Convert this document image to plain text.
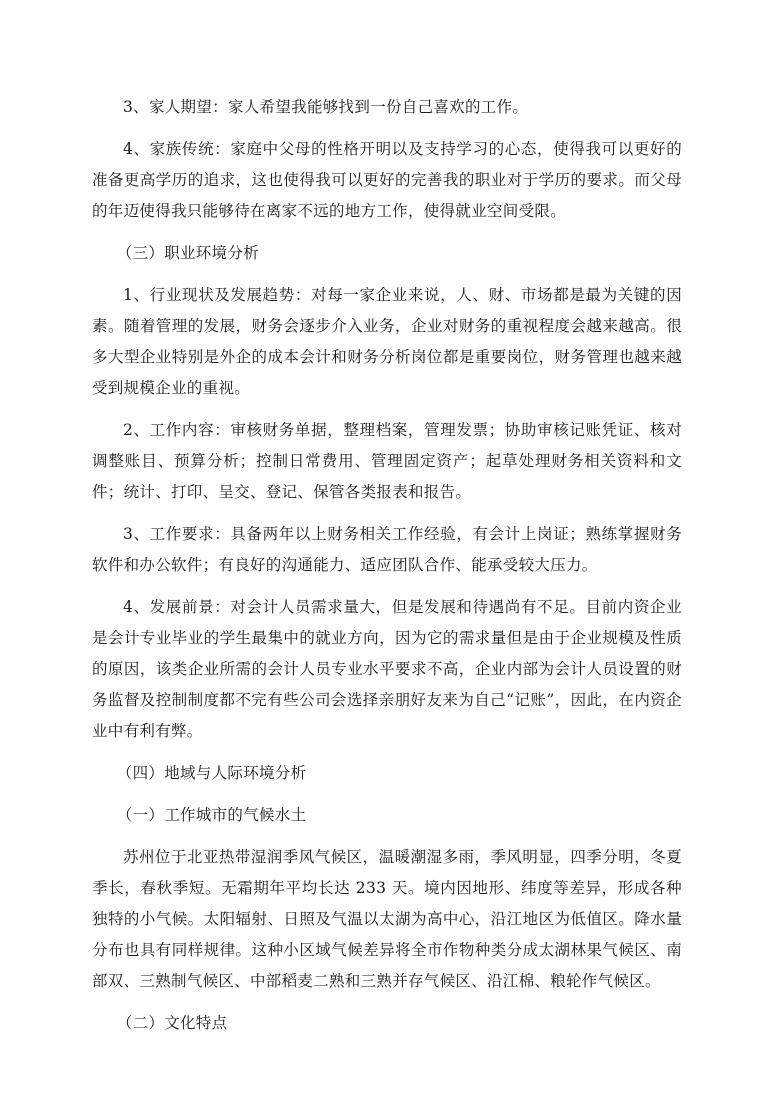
3、家人期望：家人希望我能够找到一份自己喜欢的工作。

4、家族传统：家庭中父母的性格开明以及支持学习的心态，使得我可以更好的准备更高学历的追求，这也使得我可以更好的完善我的职业对于学历的要求。而父母的年迈使得我只能够待在离家不远的地方工作，使得就业空间受限。

（三）职业环境分析

1、行业现状及发展趋势：对每一家企业来说，人、财、市场都是最为关键的因素。随着管理的发展，财务会逐步介入业务，企业对财务的重视程度会越来越高。很多大型企业特别是外企的成本会计和财务分析岗位都是重要岗位，财务管理也越来越受到规模企业的重视。

2、工作内容：审核财务单据，整理档案，管理发票；协助审核记账凭证、核对调整账目、预算分析；控制日常费用、管理固定资产；起草处理财务相关资料和文件；统计、打印、呈交、登记、保管各类报表和报告。

3、工作要求：具备两年以上财务相关工作经验，有会计上岗证；熟练掌握财务软件和办公软件；有良好的沟通能力、适应团队合作、能承受较大压力。

4、发展前景：对会计人员需求量大，但是发展和待遇尚有不足。目前内资企业是会计专业毕业的学生最集中的就业方向，因为它的需求量但是由于企业规模及性质的原因，该类企业所需的会计人员专业水平要求不高，企业内部为会计人员设置的财务监督及控制制度都不完有些公司会选择亲朋好友来为自己“记账”，因此，在内资企业中有利有弊。

（四）地域与人际环境分析

（一）工作城市的气候水土

苏州位于北亚热带湿润季风气候区，温暖潮湿多雨，季风明显，四季分明，冬夏季长，春秋季短。无霜期年平均长达 233 天。境内因地形、纬度等差异，形成各种独特的小气候。太阳辐射、日照及气温以太湖为高中心，沿江地区为低值区。降水量分布也具有同样规律。这种小区域气候差异将全市作物种类分成太湖林果气候区、南部双、三熟制气候区、中部稻麦二熟和三熟并存气候区、沿江棉、粮轮作气候区。

（二）文化特点
